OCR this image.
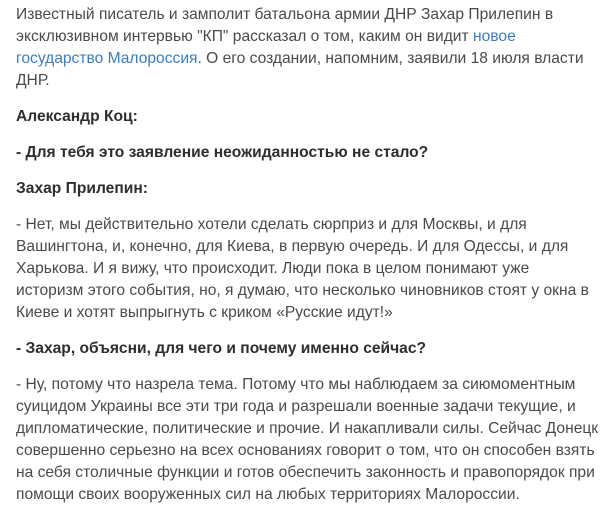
Известный писатель и замполит батальона армии ДНР Захар Прилепин в эксклюзивном интервью "КП" рассказал о том, каким он видит новое государство Малороссия. О его создании, напомним, заявили 18 июля власти ДНР.

Александр Коц:

- Для тебя это заявление неожиданностью не стало?

Захар Прилепин:

- Нет, мы действительно хотели сделать сюрприз и для Москвы, и для Вашингтона, и, конечно, для Киева, в первую очередь. И для Одессы, и для Харькова. И я вижу, что происходит. Люди пока в целом понимают уже историзм этого события, но, я думаю, что несколько чиновников стоят у окна в Киеве и хотят выпрыгнуть с криком «Русские идут!»

- Захар, объясни, для чего и почему именно сейчас?

- Ну, потому что назрела тема. Потому что мы наблюдаем за сиюмоментным суицидом Украины все эти три года и разрешали военные задачи текущие, и дипломатические, политические и прочие. И накапливали силы. Сейчас Донецк совершенно серьезно на всех основаниях говорит о том, что он способен взять на себя столичные функции и готов обеспечить законность и правопорядок при помощи своих вооруженных сил на любых территориях Малороссии.
